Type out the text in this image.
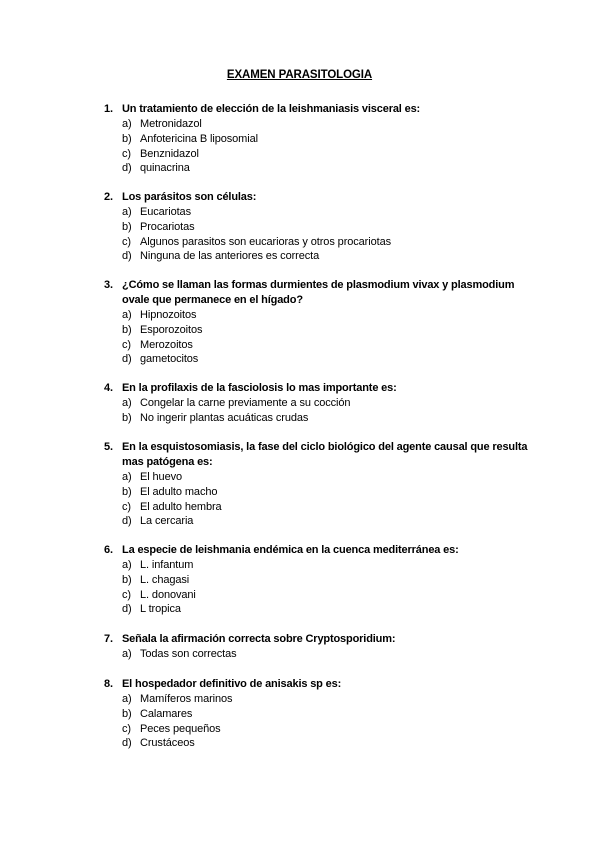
EXAMEN PARASITOLOGIA
1. Un tratamiento de elección de la leishmaniasis visceral es:
a) Metronidazol
b) Anfotericina B liposomial
c) Benznidazol
d) quinacrina
2. Los parásitos son células:
a) Eucariotas
b) Procariotas
c) Algunos parasitos son eucarioras y otros procariotas
d) Ninguna de las anteriores es correcta
3. ¿Cómo se llaman las formas durmientes de plasmodium vivax y plasmodium ovale que permanece en el hígado?
a) Hipnozoitos
b) Esporozoitos
c) Merozoitos
d) gametocitos
4. En la profilaxis de la fasciolosis lo mas importante es:
a) Congelar la carne previamente a su cocción
b) No ingerir plantas acuáticas crudas
5. En la esquistosomiasis, la fase del ciclo biológico del agente causal que resulta mas patógena es:
a) El huevo
b) El adulto macho
c) El adulto hembra
d) La cercaria
6. La especie de leishmania endémica en la cuenca mediterránea es:
a) L. infantum
b) L. chagasi
c) L. donovani
d) L tropica
7. Señala la afirmación correcta sobre Cryptosporidium:
a) Todas son correctas
8. El hospedador definitivo de anisakis sp es:
a) Mamíferos marinos
b) Calamares
c) Peces pequeños
d) Crustáceos
